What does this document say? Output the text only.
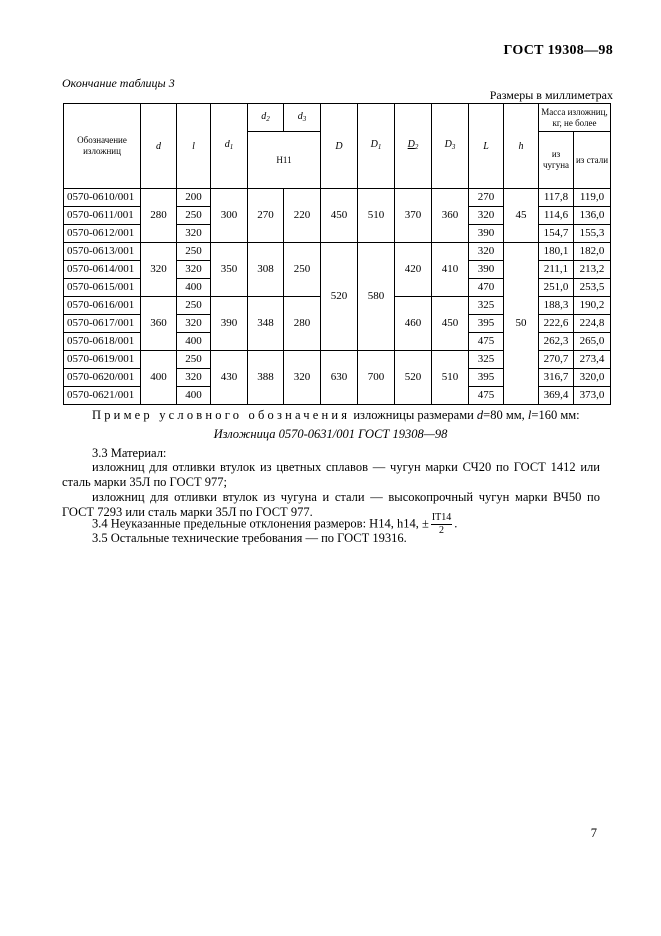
ГОСТ 19308—98
Окончание таблицы 3
Размеры в миллиметрах
Обозначение изложниц	d	l	$d_1$	$d_2$	$d_3$	D	$D_1$	$D_2$	$D_3$	L	h	Масса изложниц, кг, не более	
				Н11								из чугуна	из стали

0570-0610/001	280	200	300	270	220	450	510	370	360	270	45	117,8	119,0
0570-0611/001		250								320		114,6	136,0
0570-0612/001		320								390		154,7	155,3
0570-0613/001	320	250	350	308	250	520	580	420	410	320	50	180,1	182,0
0570-0614/001		320								390		211,1	213,2
0570-0615/001		400								470		251,0	253,5
0570-0616/001	360	250	390	348	280			460	450	325		188,3	190,2
0570-0617/001		320								395		222,6	224,8
0570-0618/001		400								475		262,3	265,0
0570-0619/001	400	250	430	388	320	630	700	520	510	325		270,7	273,4
0570-0620/001		320								395		316,7	320,0
0570-0621/001		400								475		369,4	373,0
Пример условного обозначения изложницы размерами d=80 мм, l=160 мм:
Изложница 0570-0631/001 ГОСТ 19308—98
3.3 Материал:
изложниц для отливки втулок из цветных сплавов — чугун марки СЧ20 по ГОСТ 1412 или сталь марки 35Л по ГОСТ 977;
изложниц для отливки втулок из чугуна и стали — высокопрочный чугун марки ВЧ50 по ГОСТ 7293 или сталь марки 35Л по ГОСТ 977.
3.4 Неуказанные предельные отклонения размеров: Н14, h14, ± $\frac{IT14}{2}$ .
3.5 Остальные технические требования — по ГОСТ 19316.
7
